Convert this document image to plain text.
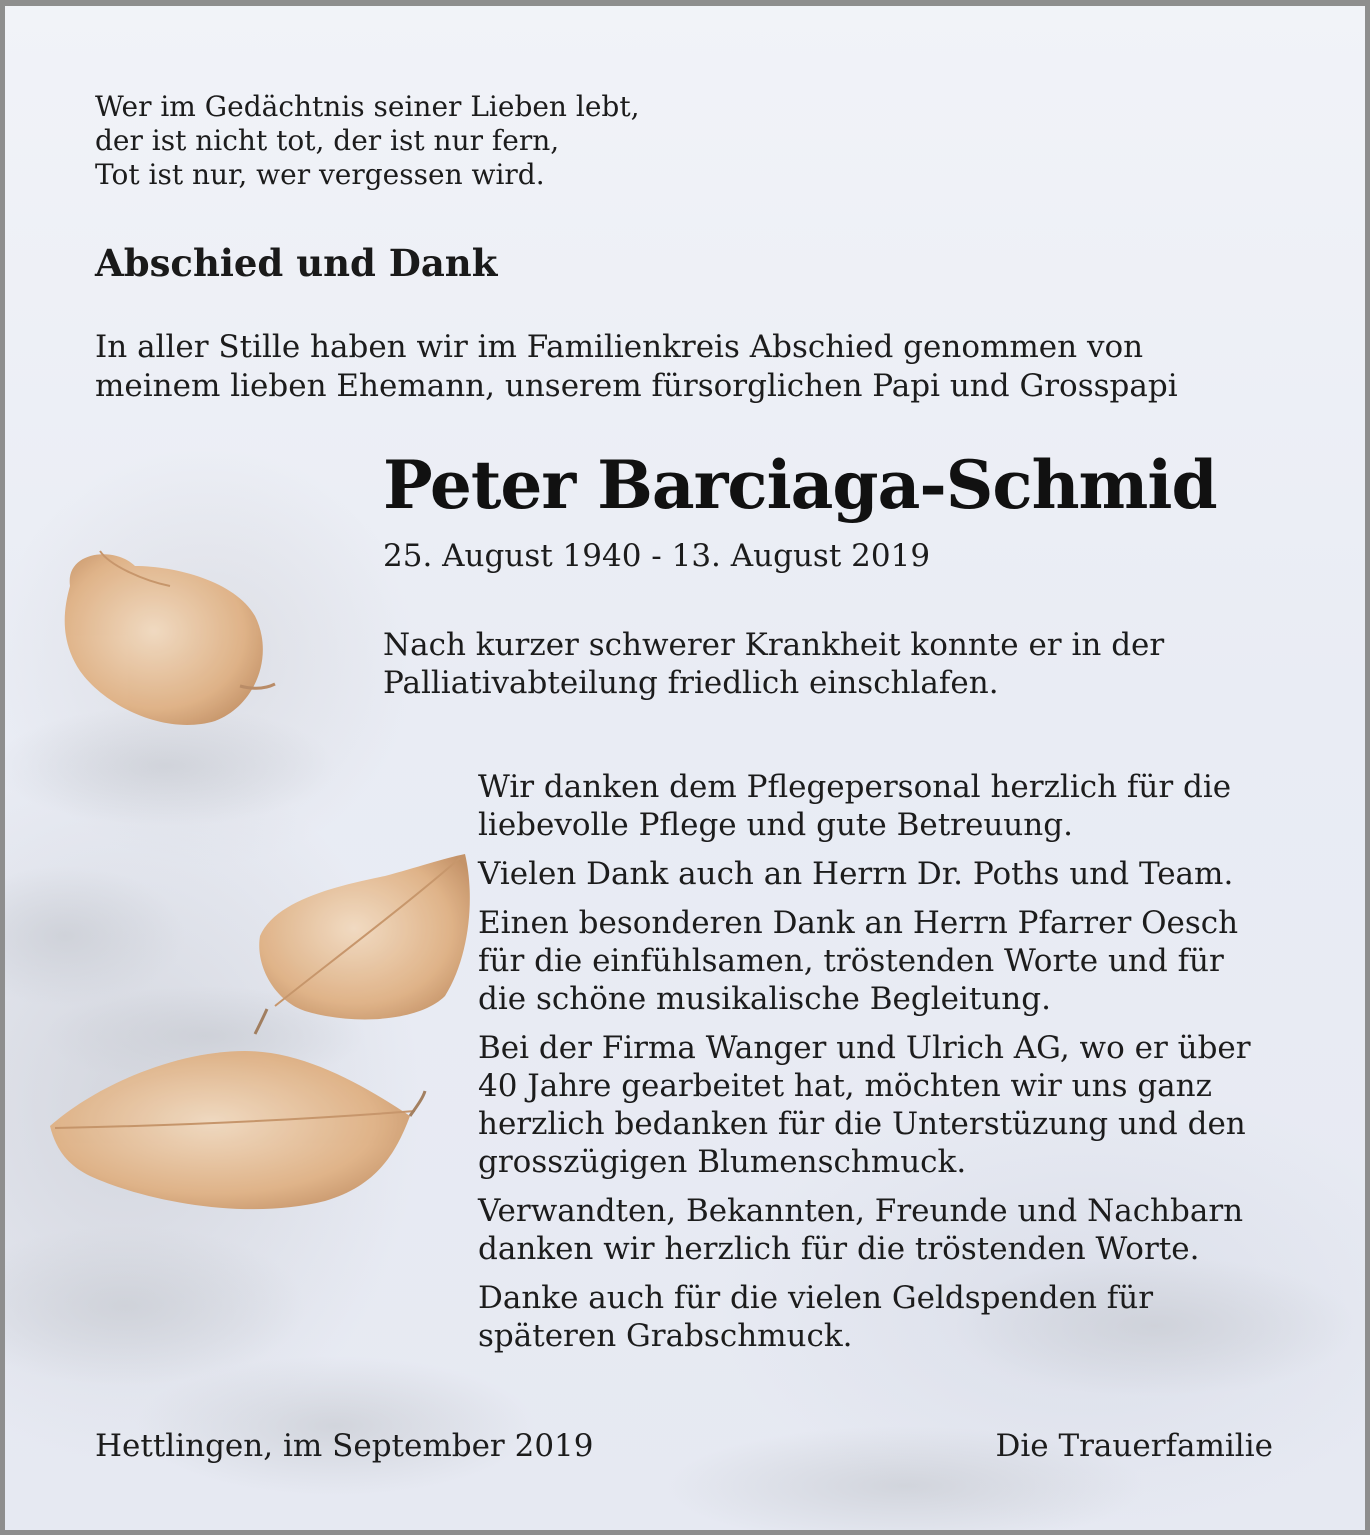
Wer im Gedächtnis seiner Lieben lebt,
der ist nicht tot, der ist nur fern,
Tot ist nur, wer vergessen wird.
Abschied und Dank
In aller Stille haben wir im Familienkreis Abschied genommen von
meinem lieben Ehemann, unserem fürsorglichen Papi und Grosspapi
Peter Barciaga-Schmid
25. August 1940 - 13. August 2019
Nach kurzer schwerer Krankheit konnte er in der
Palliativabteilung friedlich einschlafen.

Wir danken dem Pflegepersonal herzlich für die
liebevolle Pflege und gute Betreuung.

Vielen Dank auch an Herrn Dr. Poths und Team.

Einen besonderen Dank an Herrn Pfarrer Oesch
für die einfühlsamen, tröstenden Worte und für
die schöne musikalische Begleitung.

Bei der Firma Wanger und Ulrich AG, wo er über
40 Jahre gearbeitet hat, möchten wir uns ganz
herzlich bedanken für die Unterstüzung und den
grosszügigen Blumenschmuck.

Verwandten, Bekannten, Freunde und Nachbarn
danken wir herzlich für die tröstenden Worte.

Danke auch für die vielen Geldspenden für
späteren Grabschmuck.

Hettlingen, im September 2019	Die Trauerfamilie
